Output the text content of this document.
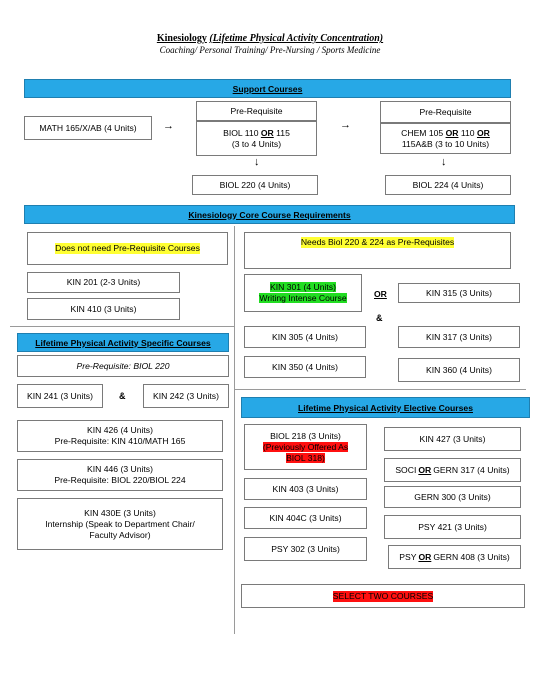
Kinesiology (Lifetime Physical Activity Concentration)
Coaching/ Personal Training/ Pre-Nursing / Sports Medicine
Support Courses
MATH 165/X/AB (4 Units) →
Pre-Requisite
BIOL 110 OR 115
(3 to 4 Units)
→
Pre-Requisite
CHEM 105 OR 110 OR
115A&B (3 to 10 Units)
↓	↓
BIOL 220 (4 Units)	BIOL 224 (4 Units)
Kinesiology Core Course Requirements
Does not need Pre-Requisite Courses
Needs Biol 220 & 224 as Pre-Requisites
KIN 201 (2-3 Units)
KIN 410 (3 Units)
KIN 301 (4 Units)
Writing Intense Course	OR	KIN 315 (3 Units)
&
KIN 305 (4 Units)	KIN 317 (3 Units)
KIN 350 (4 Units)	KIN 360 (4 Units)
Lifetime Physical Activity Specific Courses
Pre-Requisite: BIOL 220
KIN 241 (3 Units)	&	KIN 242 (3 Units)
KIN 426 (4 Units)
Pre-Requisite: KIN 410/MATH 165
KIN 446 (3 Units)
Pre-Requisite: BIOL 220/BIOL 224
KIN 430E (3 Units)
Internship (Speak to Department Chair/
Faculty Advisor)
Lifetime Physical Activity Elective Courses
BIOL 218 (3 Units)
(Previously Offered As
BIOL 318)
KIN 427 (3 Units)
SOCI OR GERN 317 (4 Units)
KIN 403 (3 Units)
GERN 300 (3 Units)
KIN 404C (3 Units)
PSY 421 (3 Units)
PSY 302 (3 Units)
PSY OR GERN 408 (3 Units)
SELECT TWO COURSES
